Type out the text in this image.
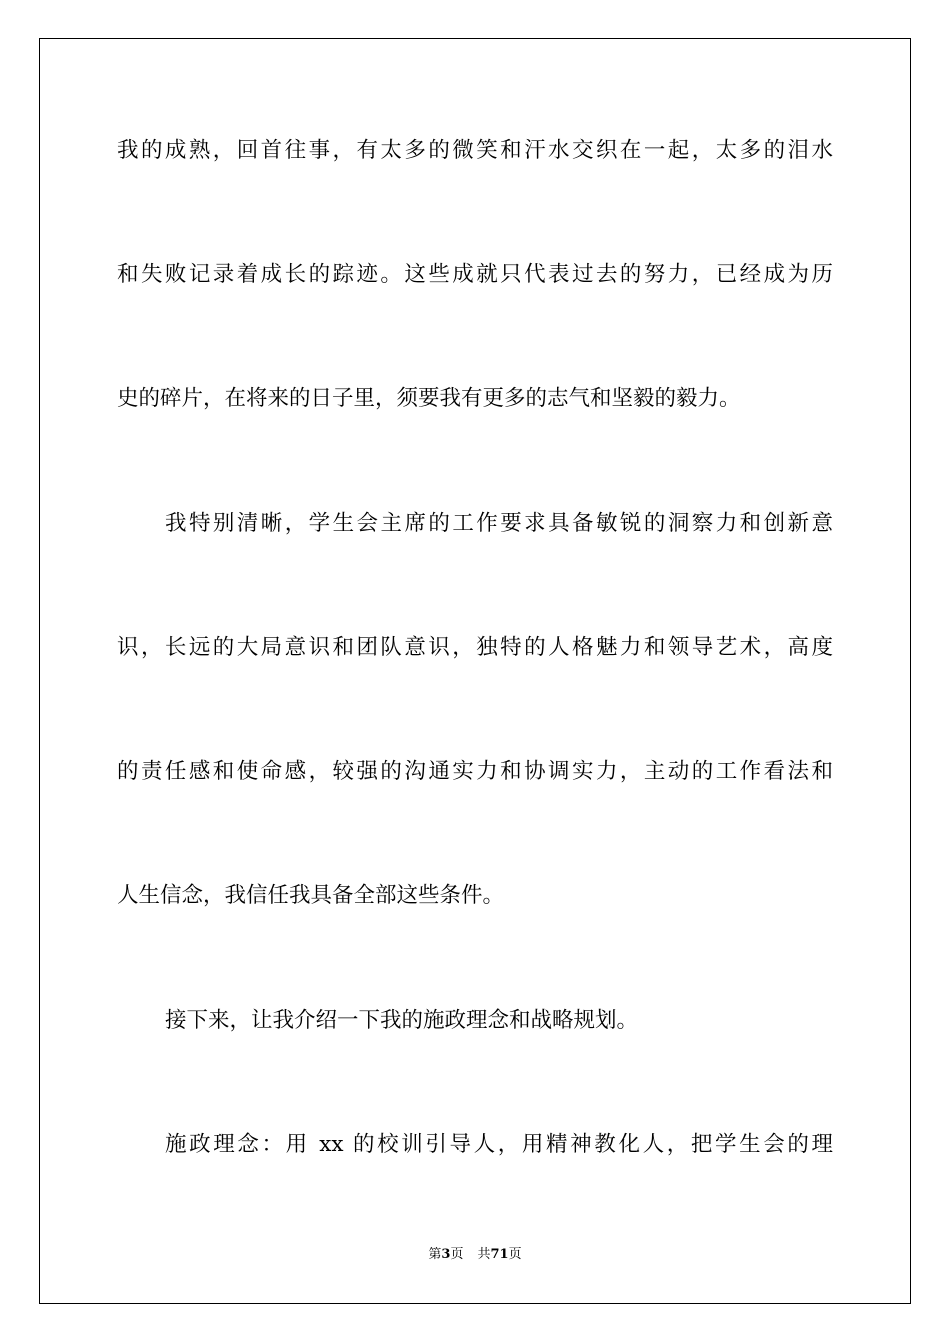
我的成熟，回首往事，有太多的微笑和汗水交织在一起，太多的泪水
和失败记录着成长的踪迹。这些成就只代表过去的努力，已经成为历
史的碎片，在将来的日子里，须要我有更多的志气和坚毅的毅力。
我特别清晰，学生会主席的工作要求具备敏锐的洞察力和创新意
识，长远的大局意识和团队意识，独特的人格魅力和领导艺术，高度
的责任感和使命感，较强的沟通实力和协调实力，主动的工作看法和
人生信念，我信任我具备全部这些条件。
接下来，让我介绍一下我的施政理念和战略规划。
施政理念：用 xx 的校训引导人，用精神教化人，把学生会的理
第3页 共71页
